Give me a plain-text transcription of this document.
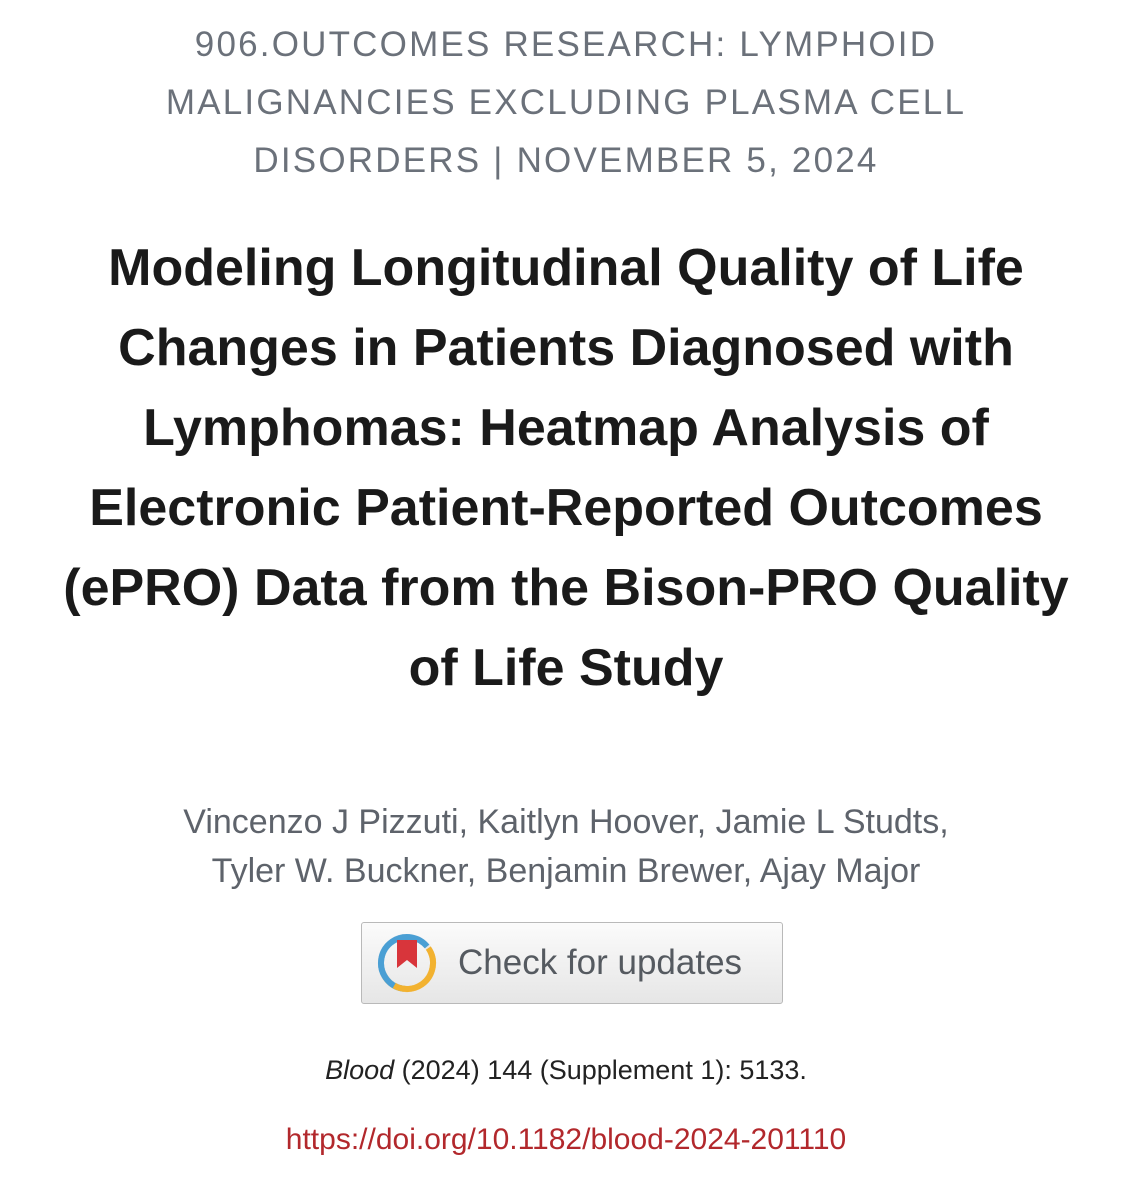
906.OUTCOMES RESEARCH: LYMPHOID
MALIGNANCIES EXCLUDING PLASMA CELL
DISORDERS | NOVEMBER 5, 2024
Modeling Longitudinal Quality of Life Changes in Patients Diagnosed with Lymphomas: Heatmap Analysis of Electronic Patient-Reported Outcomes (ePRO) Data from the Bison-PRO Quality of Life Study
Vincenzo J Pizzuti, Kaitlyn Hoover, Jamie L Studts,
Tyler W. Buckner, Benjamin Brewer, Ajay Major
Check for updates
Blood (2024) 144 (Supplement 1): 5133.
https://doi.org/10.1182/blood-2024-201110
